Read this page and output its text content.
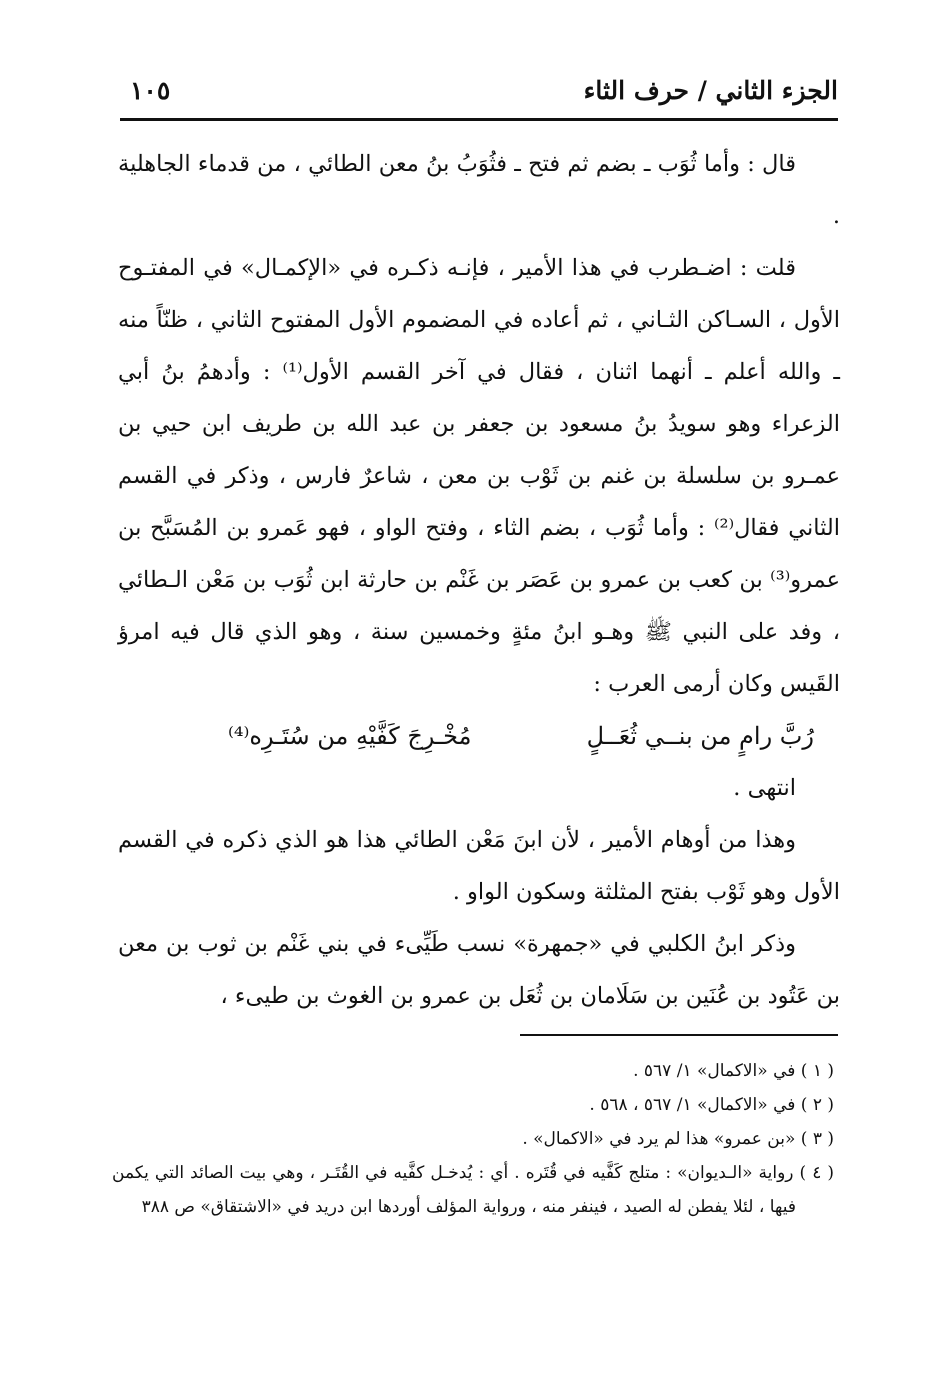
الجزء الثاني / حرف الثاء
١٠٥

قال : وأما ثُوَب ـ بضم ثم فتح ـ فثُوَبُ بنُ معن الطائي ، من قدماء الجاهلية .

قلت : اضـطرب في هذا الأمير ، فإنـه ذكـره في «الإكمـال» في المفتـوح الأول ، السـاكن الثـاني ، ثم أعاده في المضموم الأول المفتوح الثاني ، ظنّاً منه ـ والله أعلم ـ أنهما اثنان ، فقال في آخر القسم الأول⁽¹⁾ : وأدهمُ بنُ أبي الزعراء وهو سويدُ بنُ مسعود بن جعفر بن عبد الله بن طريف ابن حيي بن عمـرو بن سلسلة بن غنم بن ثَوْب بن معن ، شاعرٌ فارس ، وذكر في القسم الثاني فقال⁽²⁾ : وأما ثُوَب ، بضم الثاء ، وفتح الواو ، فهو عَمرو بن المُسَبَّح بن عمرو⁽³⁾ بن كعب بن عمرو بن عَصَر بن غَنْم بن حارثة ابن ثُوَب بن مَعْن الـطائي ، وفد على النبي ﷺ وهـو ابنُ مئةٍ وخمسين سنة ، وهو الذي قال فيه امرؤ القَيس وكان أرمى العرب :

رُبَّ رامٍ من بنــي ثُعَــلٍ
مُخْـرِجَ كَفَّيْهِ من سُتَـرِه⁽⁴⁾

انتهى .

وهذا من أوهام الأمير ، لأن ابنَ مَعْن الطائي هذا هو الذي ذكره في القسم الأول وهو ثَوْب بفتح المثلثة وسكون الواو .

وذكر ابنُ الكلبي في «جمهرة» نسب طَيِّىء في بني غَنْم بن ثوب بن معن بن عَتُود بن عُنَين بن سَلَامان بن ثُعَل بن عمرو بن الغوث بن طيىء ،

( ١ ) في «الاكمال» ١/ ٥٦٧ .

( ٢ ) في «الاكمال» ١/ ٥٦٧ ، ٥٦٨ .

( ٣ ) «بن عمرو» هذا لم يرد في «الاكمال» .

( ٤ ) رواية «الـديوان» : متلج كَفَّيه في قُتَره . أي : يُدخـل كفَّيه في القُتَـر ، وهي بيت الصائد التي يكمن فيها ، لئلا يفطن له الصيد ، فينفر منه ، ورواية المؤلف أوردها ابن دريد في «الاشتقاق» ص ٣٨٨
